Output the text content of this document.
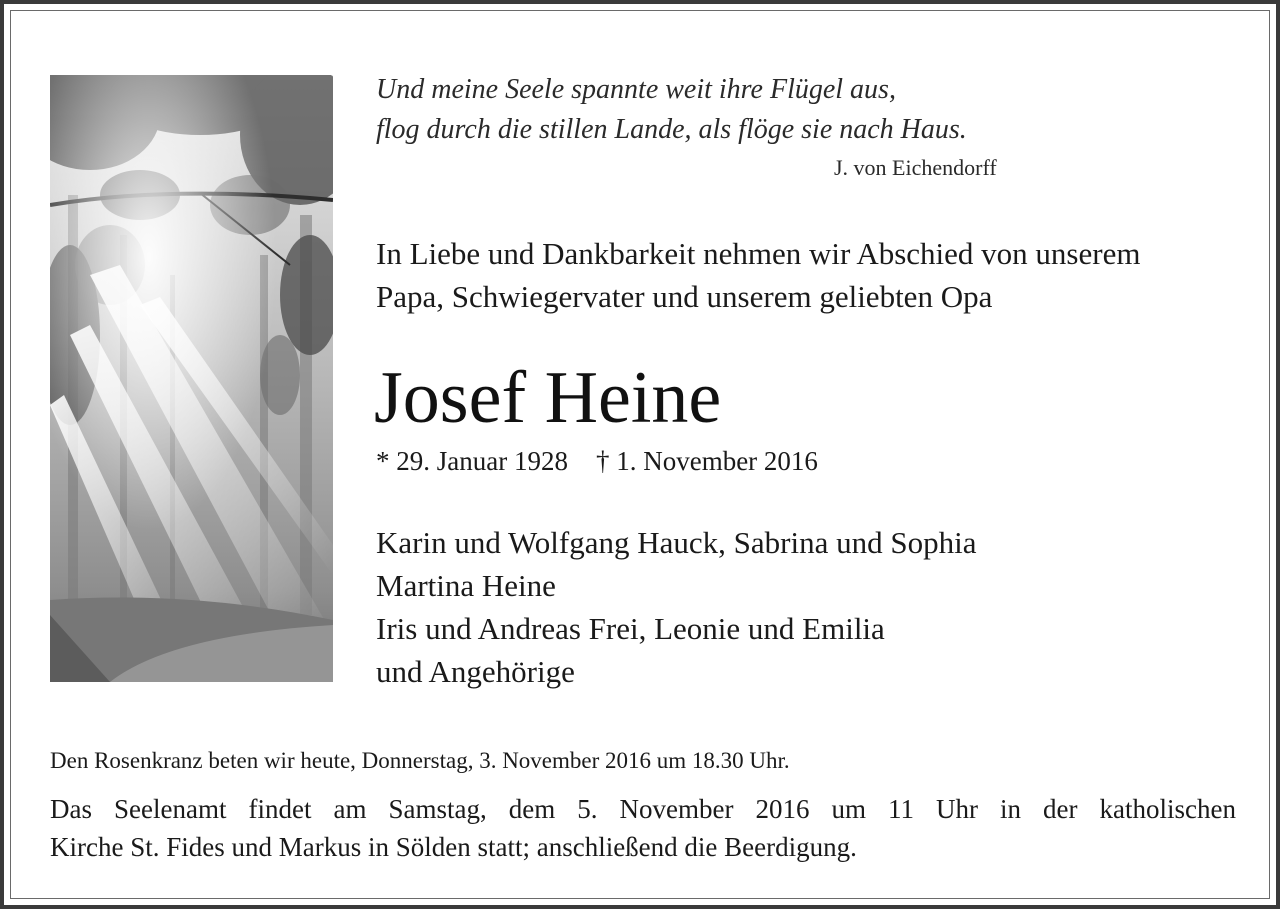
Und meine Seele spannte weit ihre Flügel aus,
flog durch die stillen Lande, als flöge sie nach Haus.
J. von Eichendorff
In Liebe und Dankbarkeit nehmen wir Abschied von unserem
Papa, Schwiegervater und unserem geliebten Opa
Josef Heine
* 29. Januar 1928 † 1. November 2016
Karin und Wolfgang Hauck, Sabrina und Sophia
Martina Heine
Iris und Andreas Frei, Leonie und Emilia
und Angehörige
Den Rosenkranz beten wir heute, Donnerstag, 3. November 2016 um 18.30 Uhr.
Das Seelenamt findet am Samstag, dem 5. November 2016 um 11 Uhr in der katholischen
Kirche St. Fides und Markus in Sölden statt; anschließend die Beerdigung.
